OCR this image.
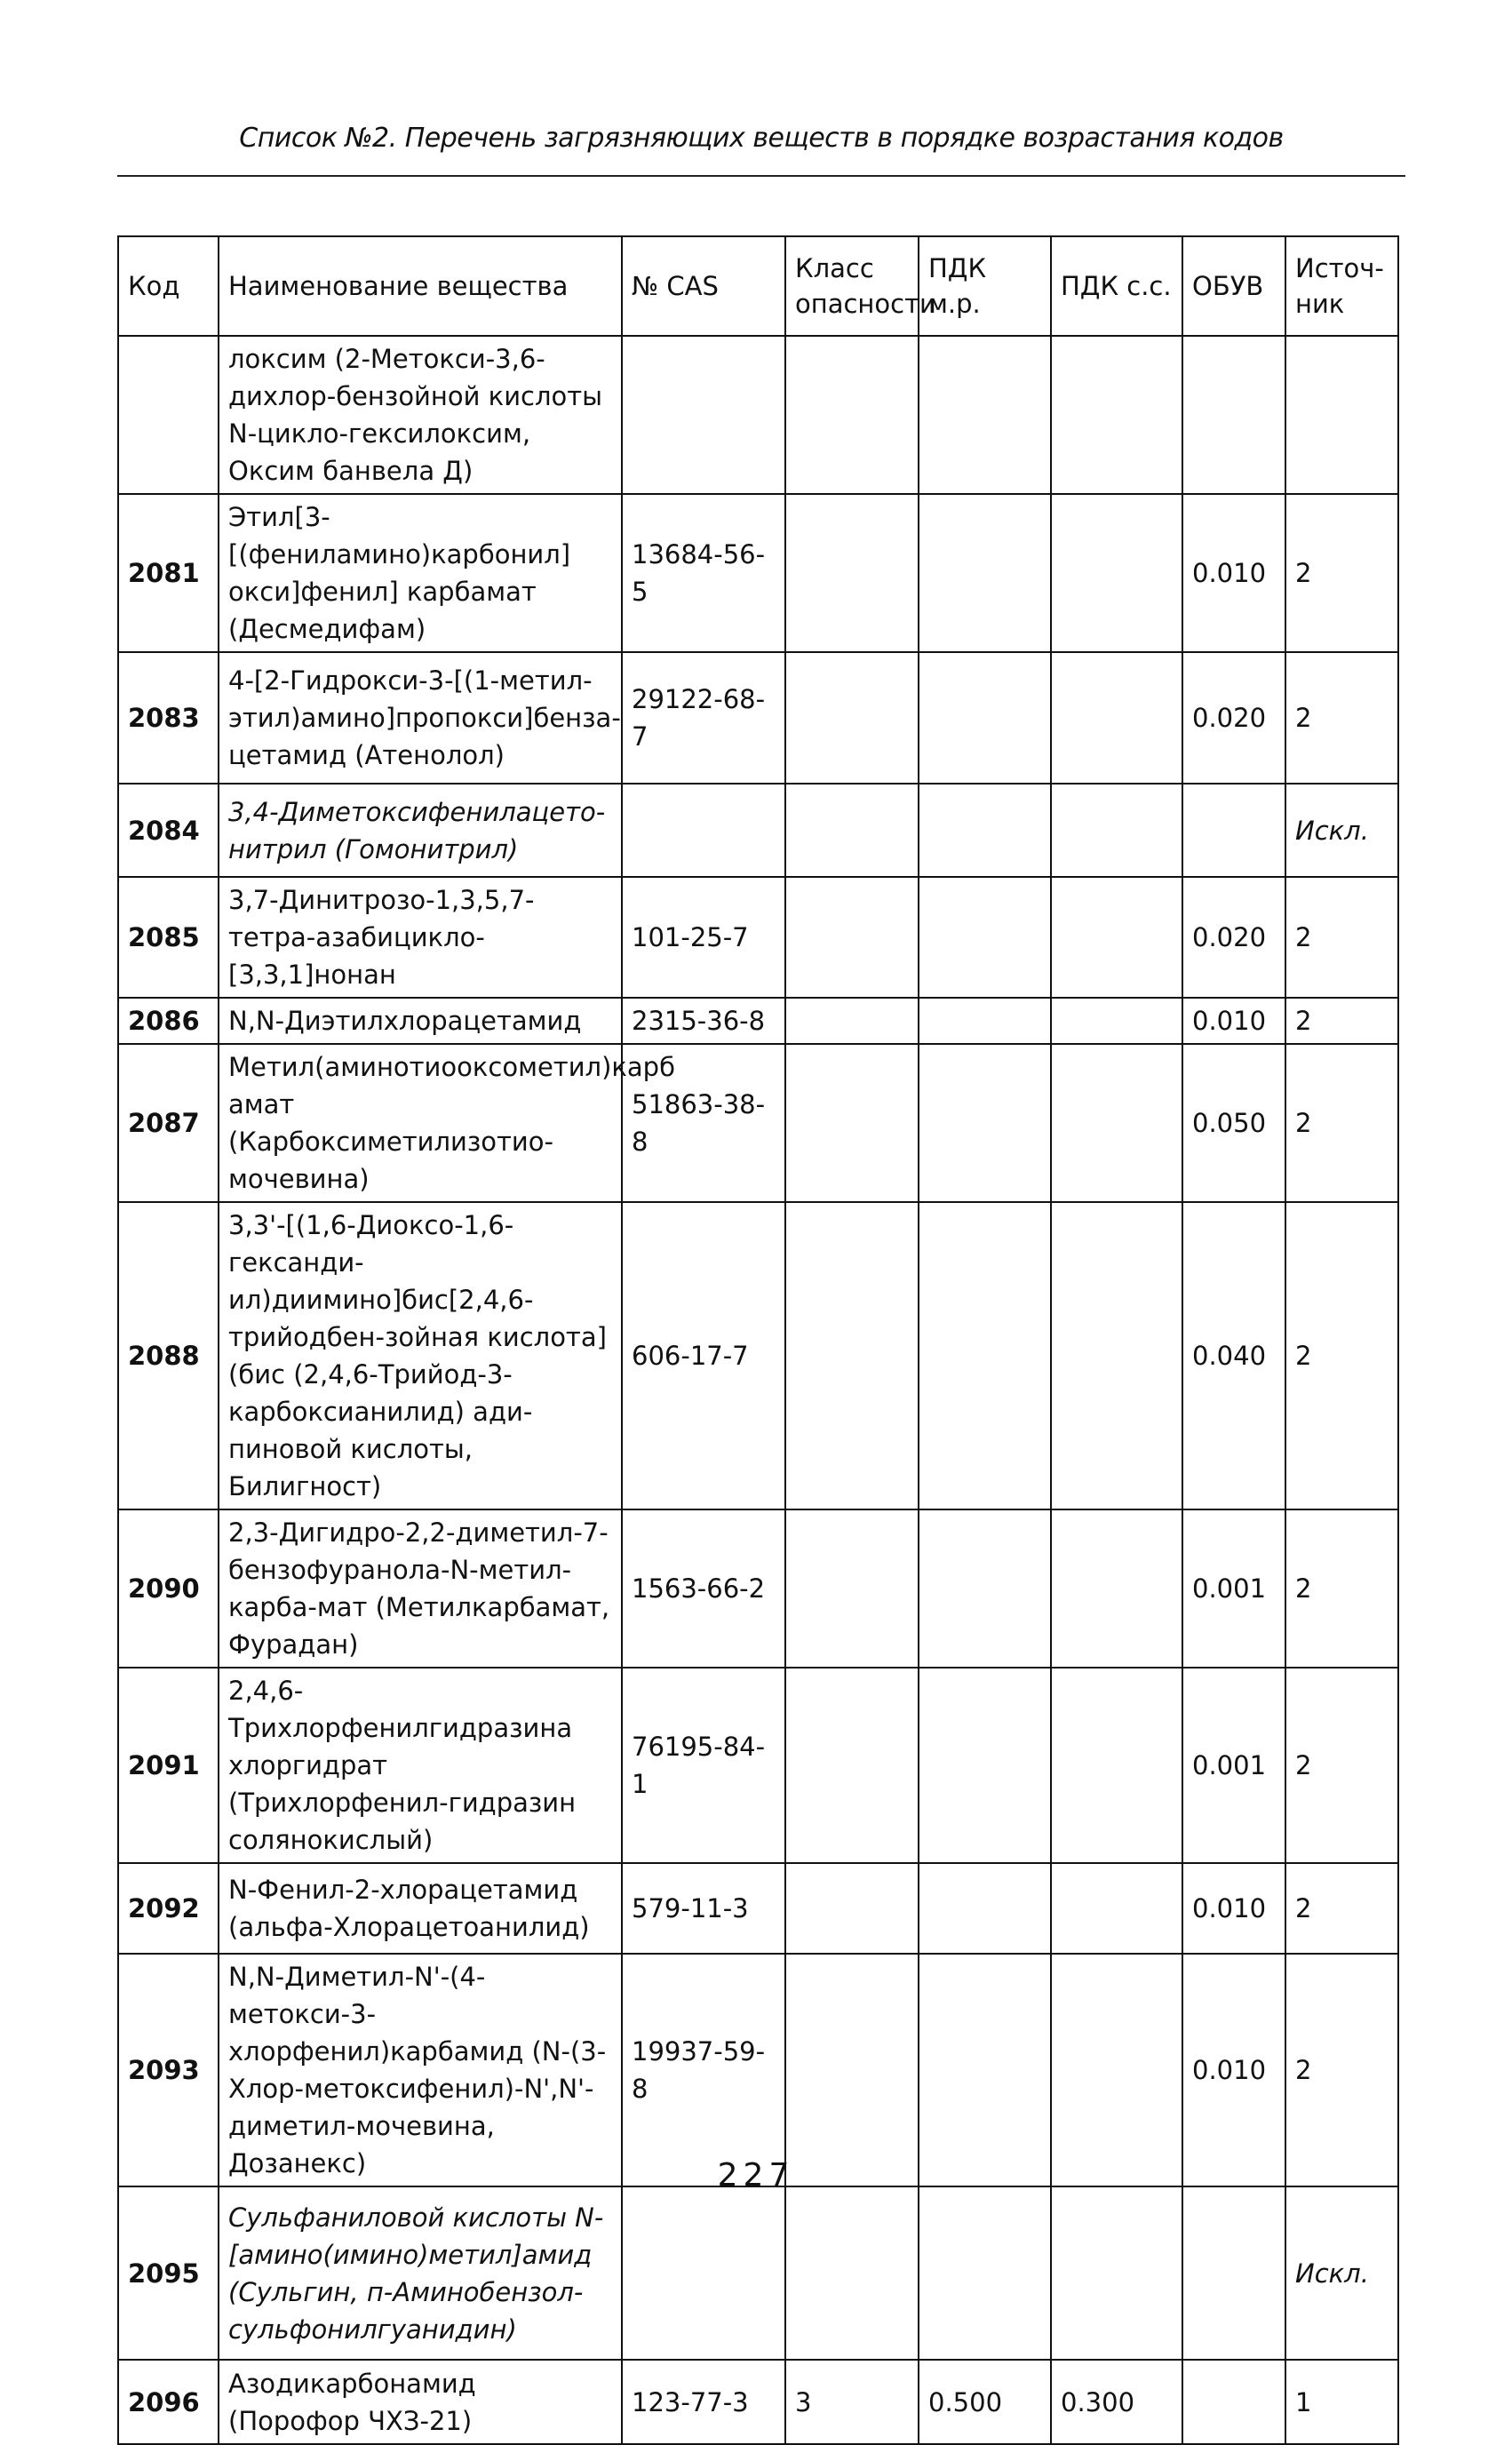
Список №2. Перечень загрязняющих веществ в порядке возрастания кодов
Код	Наименование вещества	№ CAS	Класс опасности	ПДК м.р.	ПДК с.с.	ОБУВ	Источ-ник
	локсим (2-Метокси-3,6-дихлор-бензойной кислоты N-цикло-гексилоксим, Оксим банвела Д)						
2081	Этил[3-[(фениламино)карбонил] окси]фенил] карбамат (Десмедифам)	13684-56-5				0.010	2
2083	4-[2-Гидрокси-3-[(1-метил-этил)амино]пропокси]бенза-цетамид (Атенолол)	29122-68-7				0.020	2
2084	3,4-Диметоксифенилацето-нитрил (Гомонитрил)						Искл.
2085	3,7-Динитрозо-1,3,5,7-тетра-азабицикло-[3,3,1]нонан	101-25-7				0.020	2
2086	N,N-Диэтилхлорацетамид	2315-36-8				0.010	2
2087	Метил(аминотиооксометил)карб амат (Карбоксиметилизотио-мочевина)	51863-38-8				0.050	2
2088	3,3'-[(1,6-Диоксо-1,6-гександи-ил)диимино]бис[2,4,6-трийодбен-зойная кислота] (бис (2,4,6-Трийод-3-карбоксианилид) ади-пиновой кислоты, Билигност)	606-17-7				0.040	2
2090	2,3-Дигидро-2,2-диметил-7-бензофуранола-N-метил-карба-мат (Метилкарбамат, Фурадан)	1563-66-2				0.001	2
2091	2,4,6-Трихлорфенилгидразина хлоргидрат (Трихлорфенил-гидразин солянокислый)	76195-84-1				0.001	2
2092	N-Фенил-2-хлорацетамид (альфа-Хлорацетоанилид)	579-11-3				0.010	2
2093	N,N-Диметил-N'-(4-метокси-3-хлорфенил)карбамид (N-(3-Хлор-метоксифенил)-N',N'-диметил-мочевина, Дозанекс)	19937-59-8				0.010	2
2095	Сульфаниловой кислоты N-[амино(имино)метил]амид (Сульгин, п-Аминобензол-сульфонилгуанидин)						Искл.
2096	Азодикарбонамид (Порофор ЧХЗ-21)	123-77-3	3	0.500	0.300		1
227
